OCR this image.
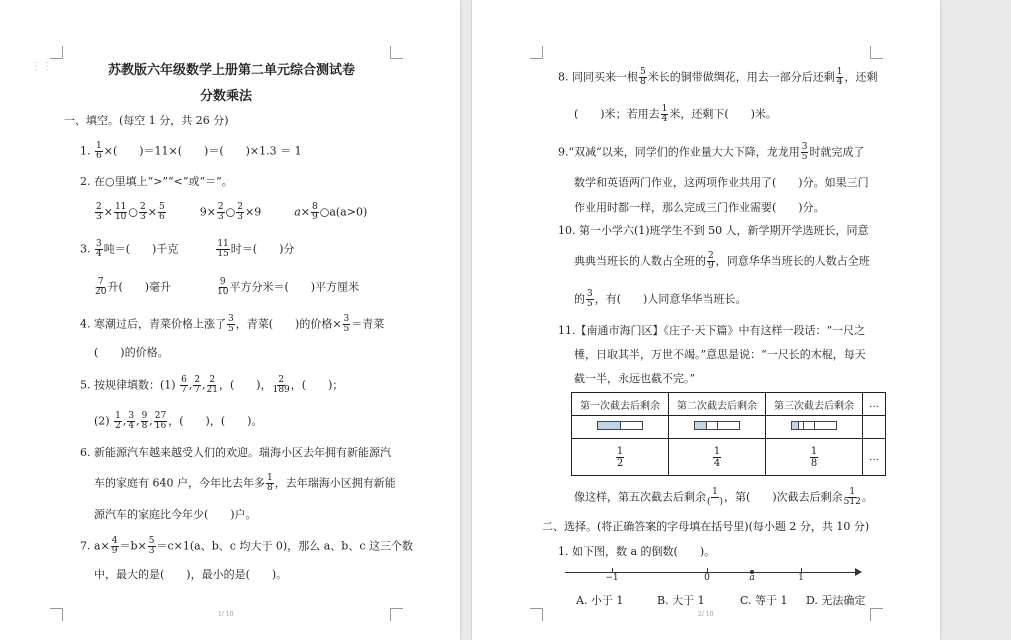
⋮⋮	苏教版六年级数学上册第二单元综合测试卷
分数乘法
一、填空。(每空 1 分，共 26 分)
1. $\frac{1}{6}$ ×(　　)＝11×(　　)＝(　　)×1.3 ＝ 1
2. 在○里填上“>”“<”或“＝”。
$\frac{2}{3} \times \frac{11}{10}$ ○ $\frac{2}{3} \times \frac{5}{6}$	$9\times \frac{2}{3}$ ○ $\frac{2}{3} \times 9$	$a\times \frac{8}{9}$ ○a(a>0)
3. $\frac{3}{4}$ 吨＝(　　)千克	$\frac{11}{15}$ 时＝(　　)分
$\frac{7}{20}$ 升(　　)毫升	$\frac{9}{10}$ 平方分米＝(　　)平方厘米
4. 寒潮过后，青菜价格上涨了 $\frac{3}{5}$ ，青菜(　　)的价格× $\frac{3}{5}$ ＝青菜
(　　)的价格。
5. 按规律填数：$(1) \frac{6}{7}$ , $\frac{2}{7}$ , $\frac{2}{21}$ ，(　　)， $\frac{2}{189}$ ，(　　)；
$(2) \frac{1}{2}$ , $\frac{3}{4}$ , $\frac{9}{8}$ , $\frac{27}{16}$ ，(　　)，(　　)。
6. 新能源汽车越来越受人们的欢迎。瑞海小区去年拥有新能源汽
车的家庭有 640 户，今年比去年多 $\frac{1}{8}$ ，去年瑞海小区拥有新能
源汽车的家庭比今年少(　　)户。
7. $a\times \frac{4}{9} =b\times \frac{5}{3} =c\times 1(a$、b、c 均大于 0)，那么 a、b、c 这三个数
中，最大的是(　　)，最小的是(　　)。
1/ 10	2/ 10
8. 同同买来一根 $\frac{5}{8}$ 米长的铜带做绸花，用去一部分后还剩 $\frac{1}{4}$ ，还剩
(　　)米；若用去 $\frac{1}{4}$ 米，还剩下(　　)米。
9.“双减”以来，同学们的作业量大大下降，龙龙用 $\frac{3}{5}$ 时就完成了
数学和英语两门作业，这两项作业共用了(　　)分。如果三门
作业用时都一样，那么完成三门作业需要(　　)分。
10. 第一小学六(1)班学生不到 50 人，新学期开学选班长，同意
典典当班长的人数占全班的 $\frac{2}{9}$ ，同意华华当班长的人数占全班
的 $\frac{3}{5}$ ，有(　　)人同意华华当班长。
11.【南通市海门区】《庄子·天下篇》中有这样一段话：“一尺之
棰，日取其半，万世不竭。”意思是说：“一尺长的木棍，每天
截一半，永远也截不完。”
第一次截去后剩余	第二次截去后剩余	第三次截去后剩余	…

$\frac{1}{2}$	$\frac{1}{4}$	$\frac{1}{8}$	…
像这样，第五次截去后剩余 1
(　) ，第(　　)次截去后剩余 $\frac{1}{512}$ 。
二、选择。(将正确答案的字母填在括号里)(每小题 2 分，共 10 分)
1. 如下图，数 a 的倒数(　　)。
−1	0	a	1
A. 小于 1	B. 大于 1	C. 等于 1 D. 无法确定
